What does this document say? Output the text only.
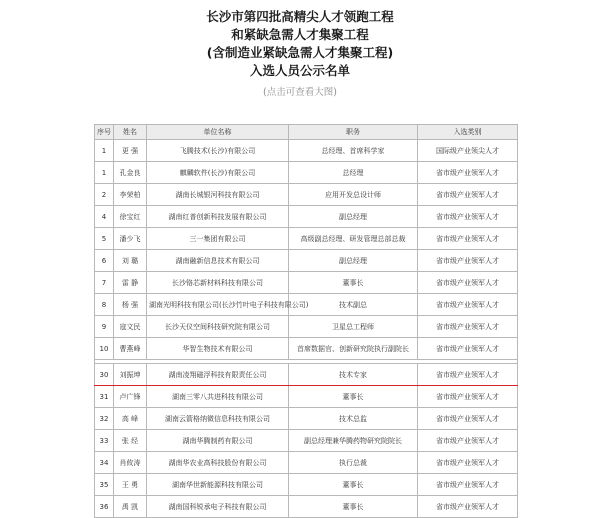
长沙市第四批高精尖人才领跑工程
和紧缺急需人才集聚工程
(含制造业紧缺急需人才集聚工程)
入选人员公示名单
(点击可查看大图)
序号	姓名	单位名称	职务	入选类别
1	更 强	飞腾技术(长沙)有限公司	总经理、首席科学家	国际级产业领尖人才
1	孔金良	麒麟软件(长沙)有限公司	总经理	省市级产业领军人才
2	李荣柏	湖南长城银河科技有限公司	应用开发总设计师	省市级产业领军人才
4	徐宝红	湖南红普创新科技发展有限公司	副总经理	省市级产业领军人才
5	潘少飞	三一集团有限公司	高级副总经理、研发管理总部总裁	省市级产业领军人才
6	刘 璐	湖南融新信息技术有限公司	副总经理	省市级产业领军人才
7	雷 静	长沙铬芯新材料科技有限公司	董事长	省市级产业领军人才
8	杨 强	湖南光明科技有限公司(长沙竹叶电子科技有限公司)	技术副总	省市级产业领军人才
9	寇文民	长沙天仪空间科技研究院有限公司	卫星总工程师	省市级产业领军人才
10	曹燕峰	华智生物技术有限公司	首席数据官、创新研究院执行副院长	省市级产业领军人才

30	刘振坤	湖南凌翔磁浮科技有限责任公司	技术专家	省市级产业领军人才
31	卢广锋	湖南三零八共进科技有限公司	董事长	省市级产业领军人才
32	高 峰	湖南云箭格纳微信息科技有限公司	技术总监	省市级产业领军人才
33	张 经	湖南华腾制药有限公司	副总经理兼华腾药物研究院院长	省市级产业领军人才
34	肖攸涛	湖南华农业高科技股份有限公司	执行总裁	省市级产业领军人才
35	王 勇	湖南华世新能源科技有限公司	董事长	省市级产业领军人才
36	禹 凯	湖南国科锐承电子科技有限公司	董事长	省市级产业领军人才
